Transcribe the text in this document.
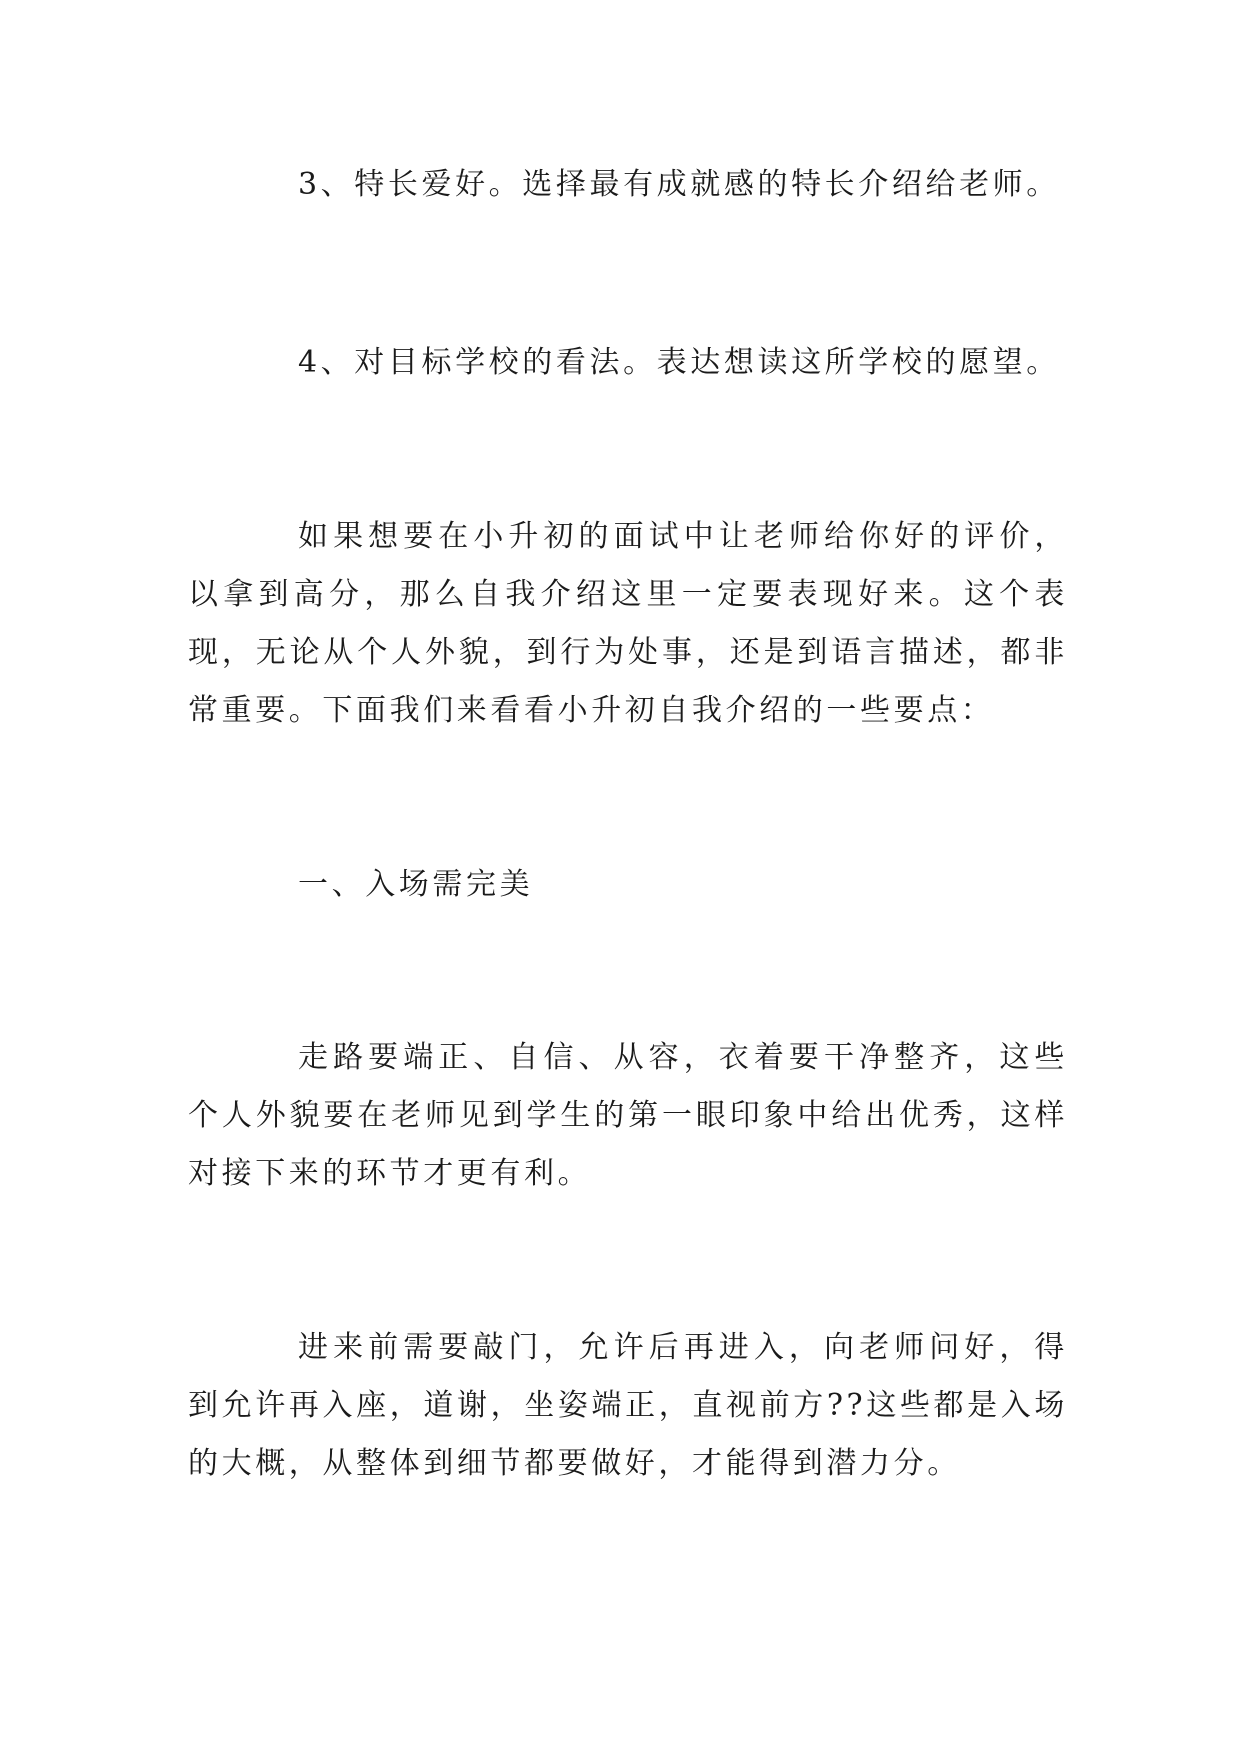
3、特长爱好。选择最有成就感的特长介绍给老师。

4、对目标学校的看法。表达想读这所学校的愿望。

如果想要在小升初的面试中让老师给你好的评价，以拿到高分，那么自我介绍这里一定要表现好来。这个表现，无论从个人外貌，到行为处事，还是到语言描述，都非常重要。下面我们来看看小升初自我介绍的一些要点：

一、入场需完美

走路要端正、自信、从容，衣着要干净整齐，这些个人外貌要在老师见到学生的第一眼印象中给出优秀，这样对接下来的环节才更有利。

进来前需要敲门，允许后再进入，向老师问好，得到允许再入座，道谢，坐姿端正，直视前方??这些都是入场的大概，从整体到细节都要做好，才能得到潜力分。
